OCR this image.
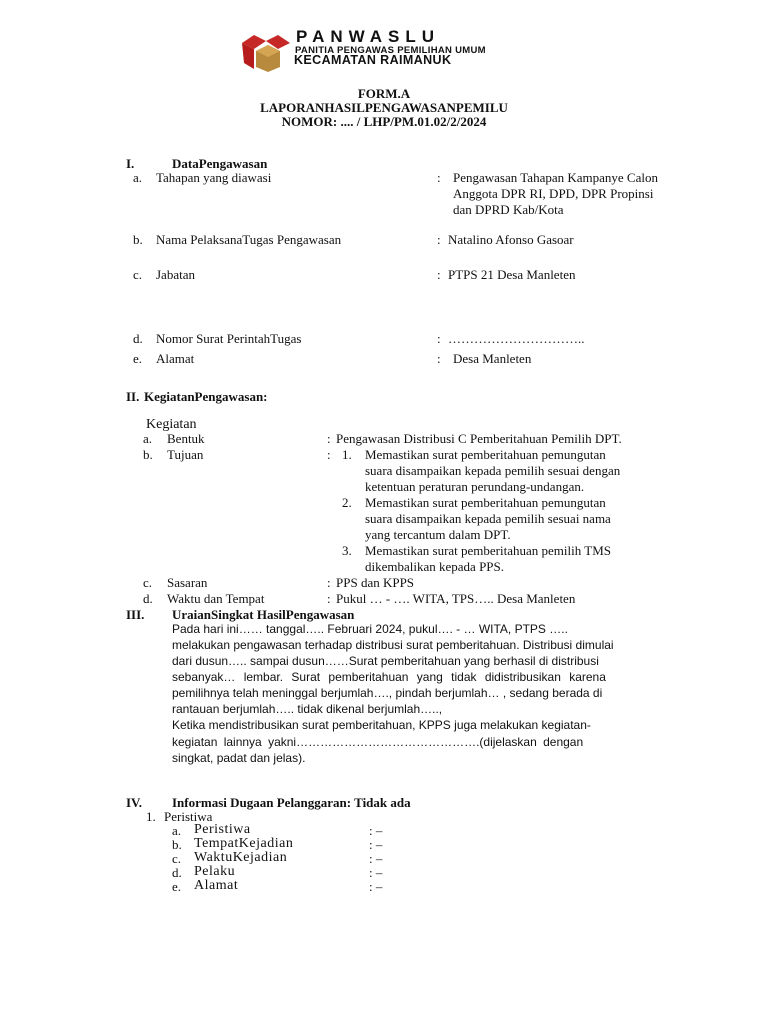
PANWASLU
PANITIA PENGAWAS PEMILIHAN UMUM
KECAMATAN RAIMANUK
FORM.A
LAPORANHASILPENGAWASANPEMILU
NOMOR: .... / LHP/PM.01.02/2/2024
I.	DataPengawasan
a. Tahapan yang diawasi	: Pengawasan Tahapan Kampanye Calon
Anggota DPR RI, DPD, DPR Propinsi
dan DPRD Kab/Kota
b. Nama PelaksanaTugas Pengawasan	: Natalino Afonso Gasoar
c. Jabatan	: PTPS 21 Desa Manleten
d. Nomor Surat PerintahTugas	: …………………………..
e. Alamat	: Desa Manleten
II. KegiatanPengawasan:
Kegiatan
a. Bentuk	: Pengawasan Distribusi C Pemberitahuan Pemilih DPT.
b. Tujuan	: 1. Memastikan surat pemberitahuan pemungutan
suara disampaikan kepada pemilih sesuai dengan
ketentuan peraturan perundang-undangan.
2. Memastikan surat pemberitahuan pemungutan
suara disampaikan kepada pemilih sesuai nama
yang tercantum dalam DPT.
3. Memastikan surat pemberitahuan pemilih TMS
dikembalikan kepada PPS.
c. Sasaran	: PPS dan KPPS
d. Waktu dan Tempat	: Pukul … - …. WITA, TPS….. Desa Manleten
III. UraianSingkat HasilPengawasan
Pada hari ini…… tanggal….. Februari 2024, pukul…. - … WITA, PTPS …..
melakukan pengawasan terhadap distribusi surat pemberitahuan. Distribusi dimulai
dari dusun….. sampai dusun……Surat pemberitahuan yang berhasil di distribusi
sebanyak… lembar. Surat pemberitahuan yang tidak didistribusikan karena
pemilihnya telah meninggal berjumlah…., pindah berjumlah… , sedang berada di
rantauan berjumlah….. tidak dikenal berjumlah…..,
Ketika mendistribusikan surat pemberitahuan, KPPS juga melakukan kegiatan-
kegiatan lainnya yakni……………………………………….(dijelaskan dengan
singkat, padat dan jelas).
IV. Informasi Dugaan Pelanggaran: Tidak ada
1. Peristiwa
a. Peristiwa	: –
b. TempatKejadian	: –
c. WaktuKejadian	: –
d. Pelaku	: –
e. Alamat	: –
